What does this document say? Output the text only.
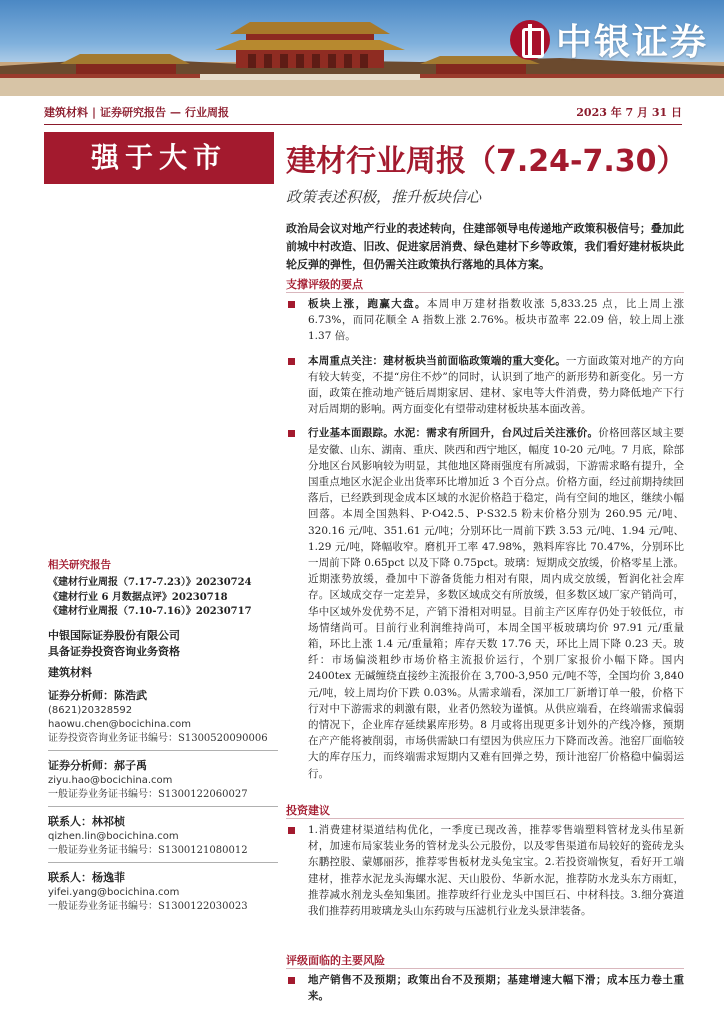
中银证券
建筑材料 | 证券研究报告 — 行业周报	2023 年 7 月 31 日
强于大市
相关研究报告
《建材行业周报（7.17-7.23）》20230724
《建材行业 6 月数据点评》20230718
《建材行业周报（7.10-7.16）》20230717
中银国际证券股份有限公司
具备证券投资咨询业务资格
建筑材料
证券分析师：陈浩武
(8621)20328592
haowu.chen@bocichina.com
证券投资咨询业务证书编号：S1300520090006
证券分析师：郝子禹
ziyu.hao@bocichina.com
一般证券业务证书编号：S1300122060027
联系人：林祁桢
qizhen.lin@bocichina.com
一般证券业务证书编号：S1300121080012
联系人：杨逸菲
yifei.yang@bocichina.com
一般证券业务证书编号：S1300122030023
建材行业周报（7.24-7.30）
政策表述积极，推升板块信心
政治局会议对地产行业的表述转向，住建部领导电传递地产政策积极信号；叠加此前城中村改造、旧改、促进家居消费、绿色建材下乡等政策，我们看好建材板块此轮反弹的弹性，但仍需关注政策执行落地的具体方案。
支撑评级的要点
板块上涨，跑赢大盘。本周申万建材指数收涨 5,833.25 点，比上周上涨 6.73%，而同花顺全 A 指数上涨 2.76%。板块市盈率 22.09 倍，较上周上涨 1.37 倍。
本周重点关注：建材板块当前面临政策端的重大变化。一方面政策对地产的方向有较大转变，不提“房住不炒”的同时，认识到了地产的新形势和新变化。另一方面，政策在推动地产链后周期家居、建材、家电等大件消费，势力降低地产下行对后周期的影响。两方面变化有望带动建材板块基本面改善。
行业基本面跟踪。水泥：需求有所回升，台风过后关注涨价。价格回落区域主要是安徽、山东、湖南、重庆、陕西和西宁地区，幅度 10-20 元/吨。7 月底，除部分地区台风影响较为明显，其他地区降雨强度有所减弱，下游需求略有提升，全国重点地区水泥企业出货率环比增加近 3 个百分点。价格方面，经过前期持续回落后，已经跌到现金成本区域的水泥价格趋于稳定，尚有空间的地区，继续小幅回落。本周全国熟料、P·O42.5、P·S32.5 粉末价格分别为 260.95 元/吨、320.16 元/吨、351.61 元/吨；分别环比一周前下跌 3.53 元/吨、1.94 元/吨、1.29 元/吨，降幅收窄。磨机开工率 47.98%，熟料库容比 70.47%，分别环比一周前下降 0.65pct 以及下降 0.75pct。玻璃：短期成交放缓，价格零星上涨。近期涨势放缓，叠加中下游备货能力相对有限，周内成交放缓，暂润化社会库存。区域成交存一定差异，多数区域成交有所放缓，但多数区域厂家产销尚可，华中区域外发优势不足，产销下滑相对明显。目前主产区库存仍处于较低位，市场情绪尚可。目前行业利润维持尚可，本周全国平板玻璃均价 97.91 元/重量箱，环比上涨 1.4 元/重量箱；库存天数 17.76 天，环比上周下降 0.23 天。玻纤：市场偏淡粗纱市场价格主流报价运行，个别厂家报价小幅下降。国内 2400tex 无碱缠绕直接纱主流报价在 3,700-3,950 元/吨不等，全国均价 3,840 元/吨，较上周均价下跌 0.03%。从需求端看，深加工厂新增订单一般，价格下行对中下游需求的刺激有限，业者仍然较为谨慎。从供应端看，在终端需求偏弱的情况下，企业库存延续累库形势。8 月或将出现更多计划外的产线冷修，预期在产产能将被削弱，市场供需缺口有望因为供应压力下降而改善。池窑厂面临较大的库存压力，而终端需求短期内又难有回弹之势，预计池窑厂价格稳中偏弱运行。
投资建议
1.消费建材渠道结构优化，一季度已现改善，推荐零售端塑料管材龙头伟星新材，加速布局家装业务的管材龙头公元股份，以及零售渠道布局较好的瓷砖龙头东鹏控股、蒙娜丽莎，推荐零售板材龙头兔宝宝。2.若投资端恢复，看好开工端建材，推荐水泥龙头海螺水泥、天山股份、华新水泥，推荐防水龙头东方雨虹，推荐减水剂龙头垒知集团。推荐玻纤行业龙头中国巨石、中材科技。3.细分赛道我们推荐药用玻璃龙头山东药玻与压滤机行业龙头景津装备。
评级面临的主要风险
地产销售不及预期；政策出台不及预期；基建增速大幅下滑；成本压力卷土重来。
